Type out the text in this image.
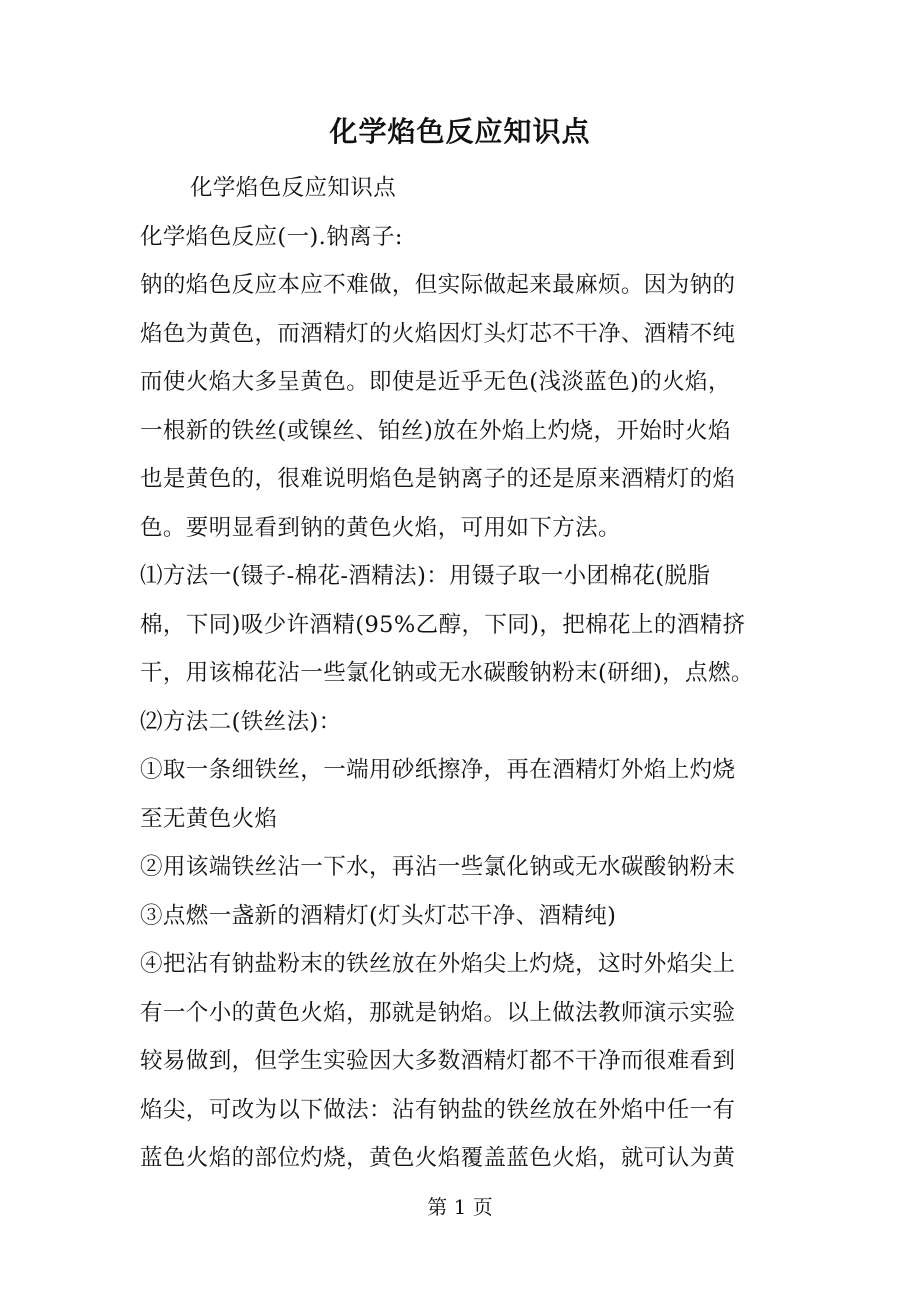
化学焰色反应知识点
化学焰色反应知识点
化学焰色反应(一).钠离子:
钠的焰色反应本应不难做，但实际做起来最麻烦。因为钠的
焰色为黄色，而酒精灯的火焰因灯头灯芯不干净、酒精不纯
而使火焰大多呈黄色。即使是近乎无色(浅淡蓝色)的火焰，
一根新的铁丝(或镍丝、铂丝)放在外焰上灼烧，开始时火焰
也是黄色的，很难说明焰色是钠离子的还是原来酒精灯的焰
色。要明显看到钠的黄色火焰，可用如下方法。
⑴方法一(镊子-棉花-酒精法)：用镊子取一小团棉花(脱脂
棉，下同)吸少许酒精(95%乙醇，下同)，把棉花上的酒精挤
干，用该棉花沾一些氯化钠或无水碳酸钠粉末(研细)，点燃。
⑵方法二(铁丝法)：
①取一条细铁丝，一端用砂纸擦净，再在酒精灯外焰上灼烧
至无黄色火焰
②用该端铁丝沾一下水，再沾一些氯化钠或无水碳酸钠粉末
③点燃一盏新的酒精灯(灯头灯芯干净、酒精纯)
④把沾有钠盐粉末的铁丝放在外焰尖上灼烧，这时外焰尖上
有一个小的黄色火焰，那就是钠焰。以上做法教师演示实验
较易做到，但学生实验因大多数酒精灯都不干净而很难看到
焰尖，可改为以下做法：沾有钠盐的铁丝放在外焰中任一有
蓝色火焰的部位灼烧，黄色火焰覆盖蓝色火焰，就可认为黄
第 1 页
